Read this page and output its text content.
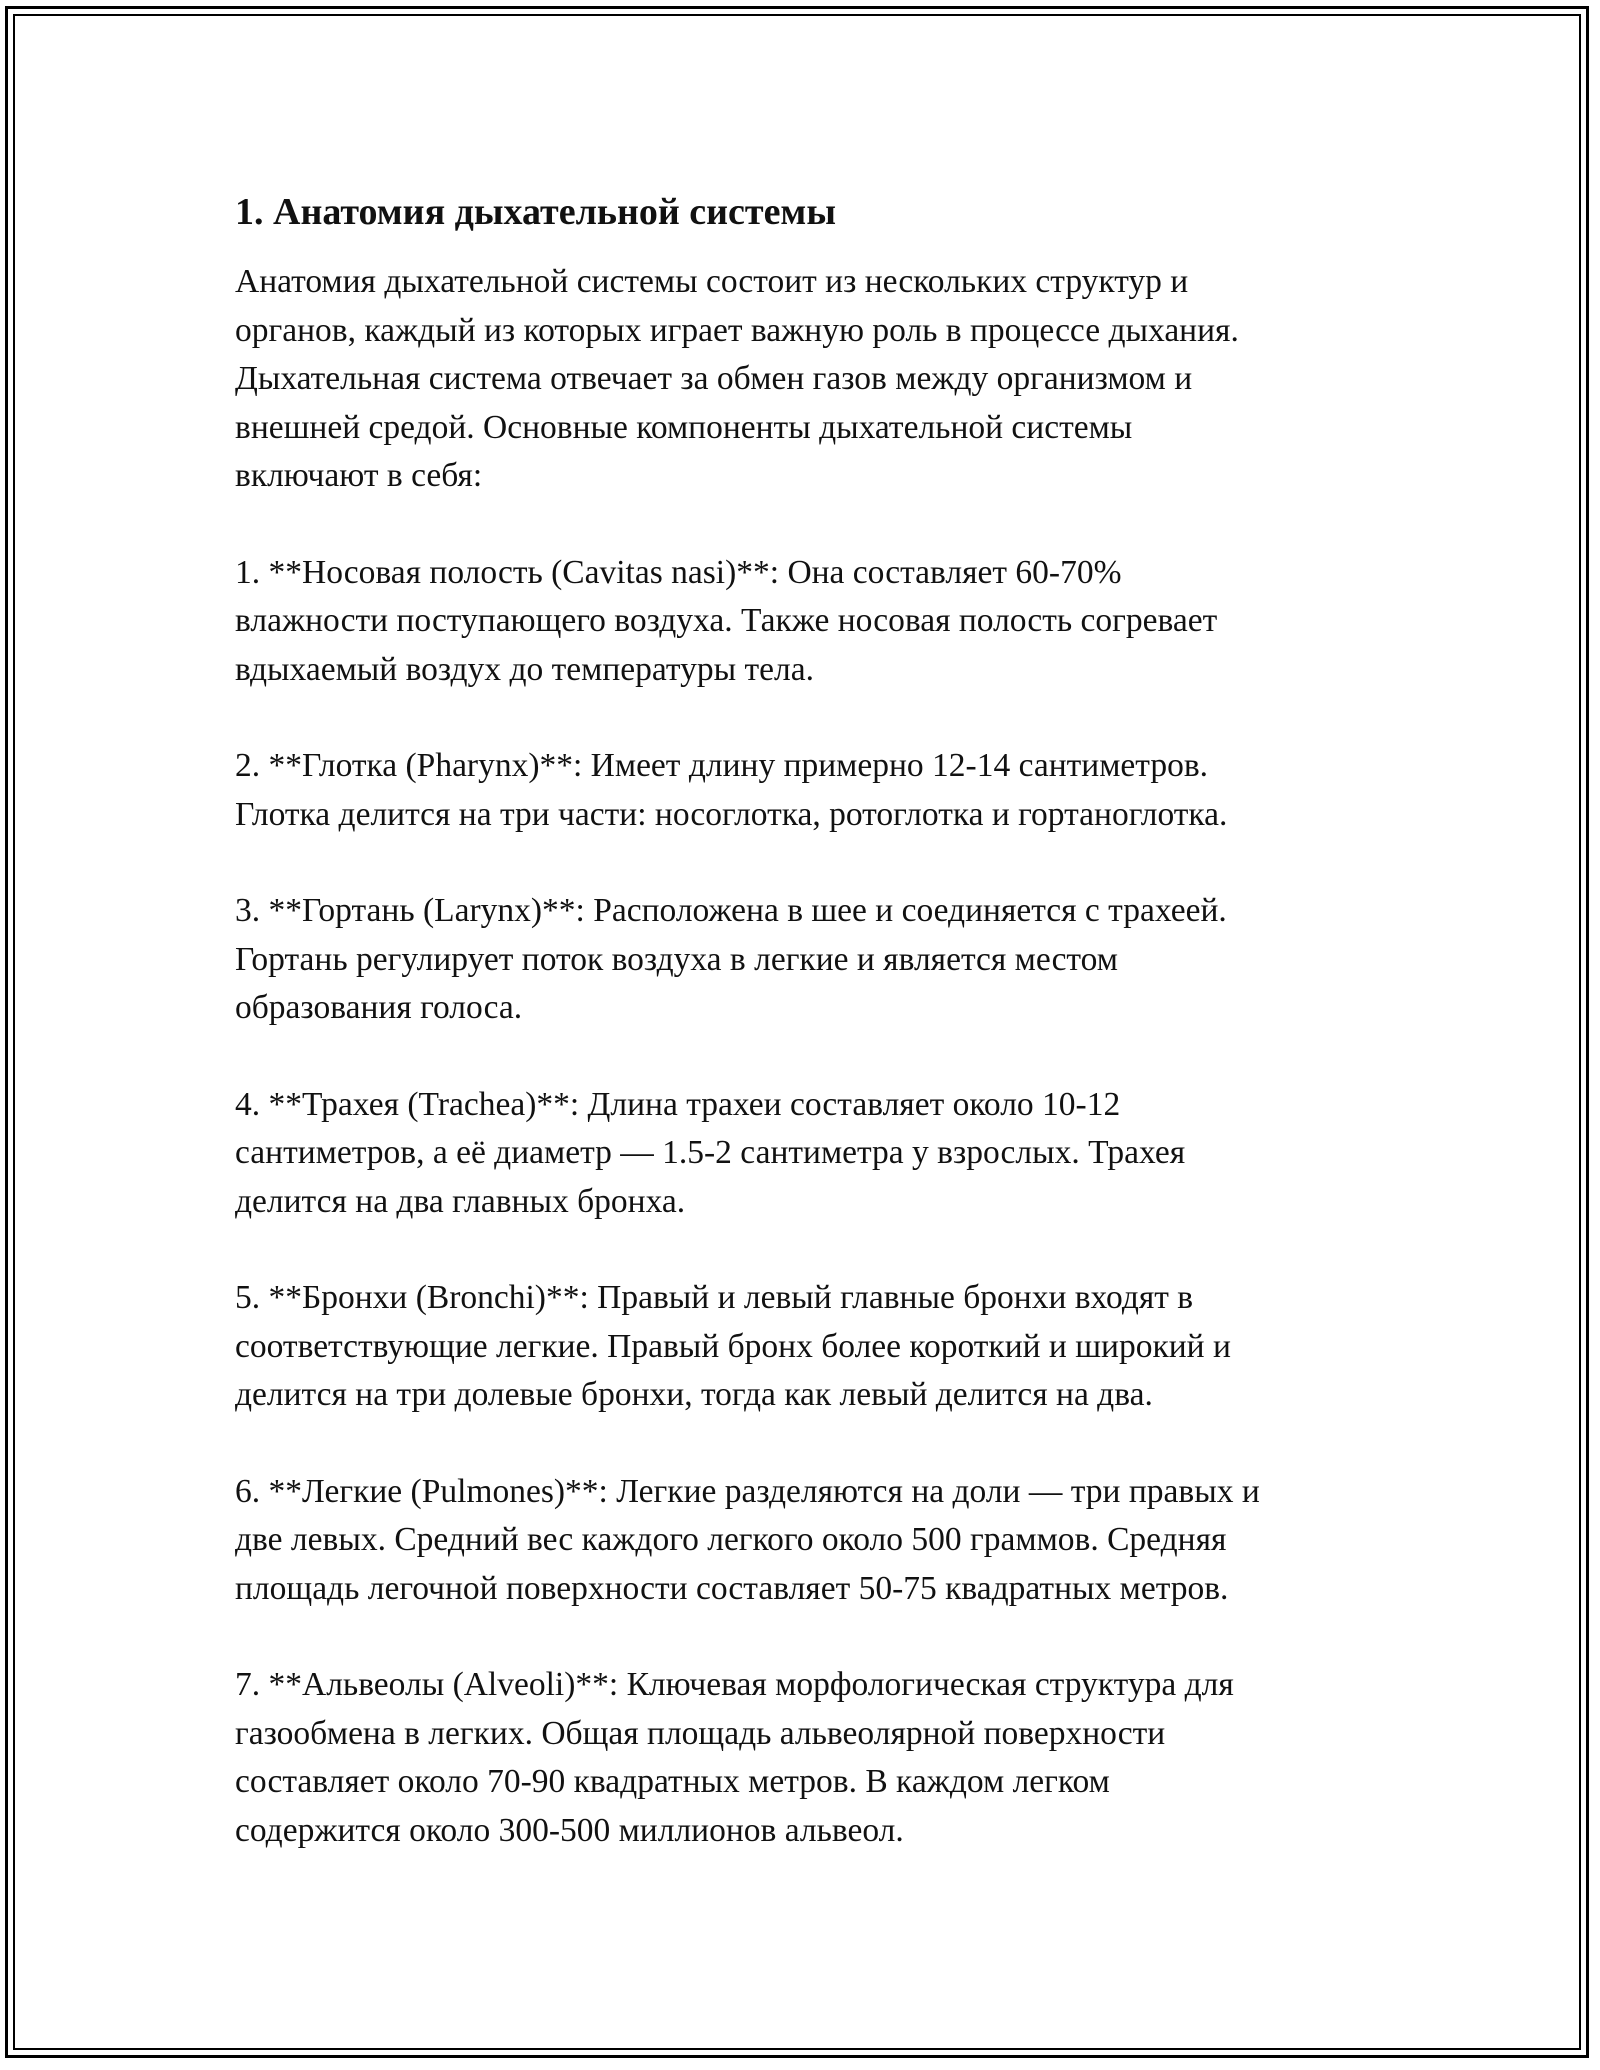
1. Анатомия дыхательной системы

Анатомия дыхательной системы состоит из нескольких структур и
органов, каждый из которых играет важную роль в процессе дыхания.
Дыхательная система отвечает за обмен газов между организмом и
внешней средой. Основные компоненты дыхательной системы
включают в себя:

1. **Носовая полость (Cavitas nasi)**: Она составляет 60-70%
влажности поступающего воздуха. Также носовая полость согревает
вдыхаемый воздух до температуры тела.

2. **Глотка (Pharynx)**: Имеет длину примерно 12-14 сантиметров.
Глотка делится на три части: носоглотка, ротоглотка и гортаноглотка.

3. **Гортань (Larynx)**: Расположена в шее и соединяется с трахеей.
Гортань регулирует поток воздуха в легкие и является местом
образования голоса.

4. **Трахея (Trachea)**: Длина трахеи составляет около 10-12
сантиметров, а её диаметр — 1.5-2 сантиметра у взрослых. Трахея
делится на два главных бронха.

5. **Бронхи (Bronchi)**: Правый и левый главные бронхи входят в
соответствующие легкие. Правый бронх более короткий и широкий и
делится на три долевые бронхи, тогда как левый делится на два.

6. **Легкие (Pulmones)**: Легкие разделяются на доли — три правых и
две левых. Средний вес каждого легкого около 500 граммов. Средняя
площадь легочной поверхности составляет 50-75 квадратных метров.

7. **Альвеолы (Alveoli)**: Ключевая морфологическая структура для
газообмена в легких. Общая площадь альвеолярной поверхности
составляет около 70-90 квадратных метров. В каждом легком
содержится около 300-500 миллионов альвеол.
